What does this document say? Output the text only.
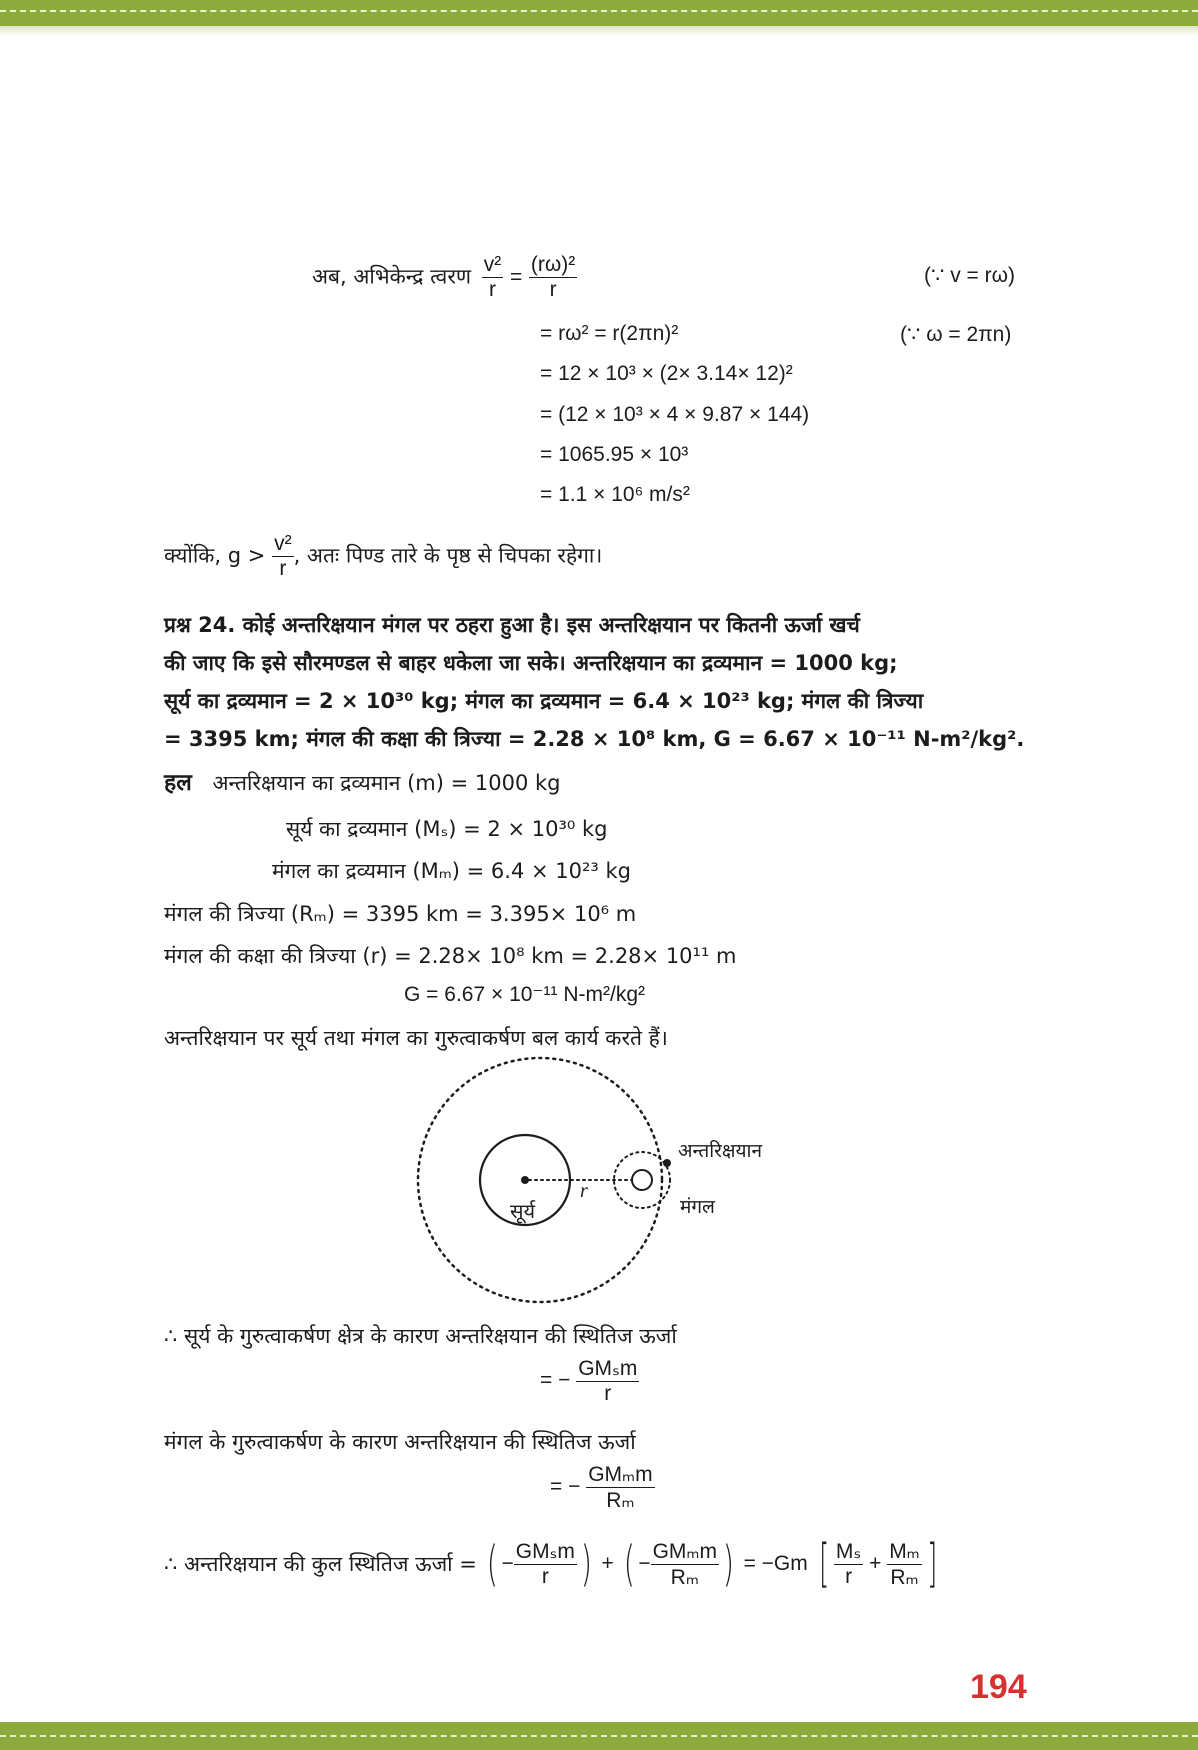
अब, अभिकेन्द्र त्वरण $\frac{\text{v²}}{r} = \frac{\text{(rω)²}}{r}$	(∵ v = rω)
= rω² = r(2πn)²	(∵ ω = 2πn)
= 12 × 10³ × (2× 3.14× 12)²
= (12 × 10³ × 4 × 9.87 × 144)
= 1065.95 × 10³
= 1.1 × 10⁶ m/s²
क्योंकि, $g > \frac{\text{v²}}{r}$ , अतः पिण्ड तारे के पृष्ठ से चिपका रहेगा।
प्रश्न 24. कोई अन्तरिक्षयान मंगल पर ठहरा हुआ है। इस अन्तरिक्षयान पर कितनी ऊर्जा खर्च
की जाए कि इसे सौरमण्डल से बाहर धकेला जा सके। अन्तरिक्षयान का द्रव्यमान = 1000 kg;
सूर्य का द्रव्यमान = 2 × 10³⁰ kg; मंगल का द्रव्यमान = 6.4 × 10²³ kg; मंगल की त्रिज्या
= 3395 km; मंगल की कक्षा की त्रिज्या = 2.28 × 10⁸ km, G = 6.67 × 10⁻¹¹ N-m²/kg².
हल अन्तरिक्षयान का द्रव्यमान (m) = 1000 kg
सूर्य का द्रव्यमान (Mₛ) = 2 × 10³⁰ kg
मंगल का द्रव्यमान (Mₘ) = 6.4 × 10²³ kg
मंगल की त्रिज्या (Rₘ) = 3395 km = 3.395× 10⁶ m
मंगल की कक्षा की त्रिज्या (r) = 2.28× 10⁸ km = 2.28× 10¹¹ m
G = 6.67 × 10⁻¹¹ N-m²/kg²
अन्तरिक्षयान पर सूर्य तथा मंगल का गुरुत्वाकर्षण बल कार्य करते हैं।
सूर्य
r
अन्तरिक्षयान
मंगल
∴ सूर्य के गुरुत्वाकर्षण क्षेत्र के कारण अन्तरिक्षयान की स्थितिज ऊर्जा
= − $\frac{\text{GMₛm}}{r}$
मंगल के गुरुत्वाकर्षण के कारण अन्तरिक्षयान की स्थितिज ऊर्जा
= − $\frac{\text{GMₘm}}{\text{Rₘ}}$
∴ अन्तरिक्षयान की कुल स्थितिज ऊर्जा = ( − $\frac{\text{GMₛm}}{r}$ ) + ( − $\frac{\text{GMₘm}}{\text{Rₘ}}$ ) = −Gm [ $\frac{\text{Mₛ}}{r} + \frac{\text{Mₘ}}{\text{Rₘ}}$ ]
194
